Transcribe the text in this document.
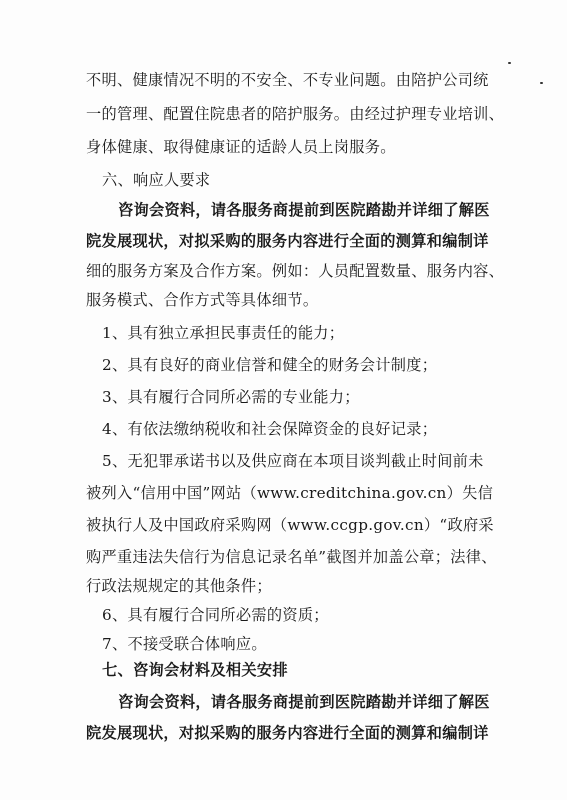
不明、健康情况不明的不安全、不专业问题。由陪护公司统
一的管理、配置住院患者的陪护服务。由经过护理专业培训、
身体健康、取得健康证的适龄人员上岗服务。
六、响应人要求
咨询会资料，请各服务商提前到医院踏勘并详细了解医
院发展现状，对拟采购的服务内容进行全面的测算和编制详
细的服务方案及合作方案。例如：人员配置数量、服务内容、
服务模式、合作方式等具体细节。
1、具有独立承担民事责任的能力；
2、具有良好的商业信誉和健全的财务会计制度；
3、具有履行合同所必需的专业能力；
4、有依法缴纳税收和社会保障资金的良好记录；
5、无犯罪承诺书以及供应商在本项目谈判截止时间前未
被列入“信用中国”网站（www.creditchina.gov.cn）失信
被执行人及中国政府采购网（www.ccgp.gov.cn）“政府采
购严重违法失信行为信息记录名单”截图并加盖公章；法律、
行政法规规定的其他条件；
6、具有履行合同所必需的资质；
7、不接受联合体响应。
七、咨询会材料及相关安排
咨询会资料，请各服务商提前到医院踏勘并详细了解医
院发展现状，对拟采购的服务内容进行全面的测算和编制详
